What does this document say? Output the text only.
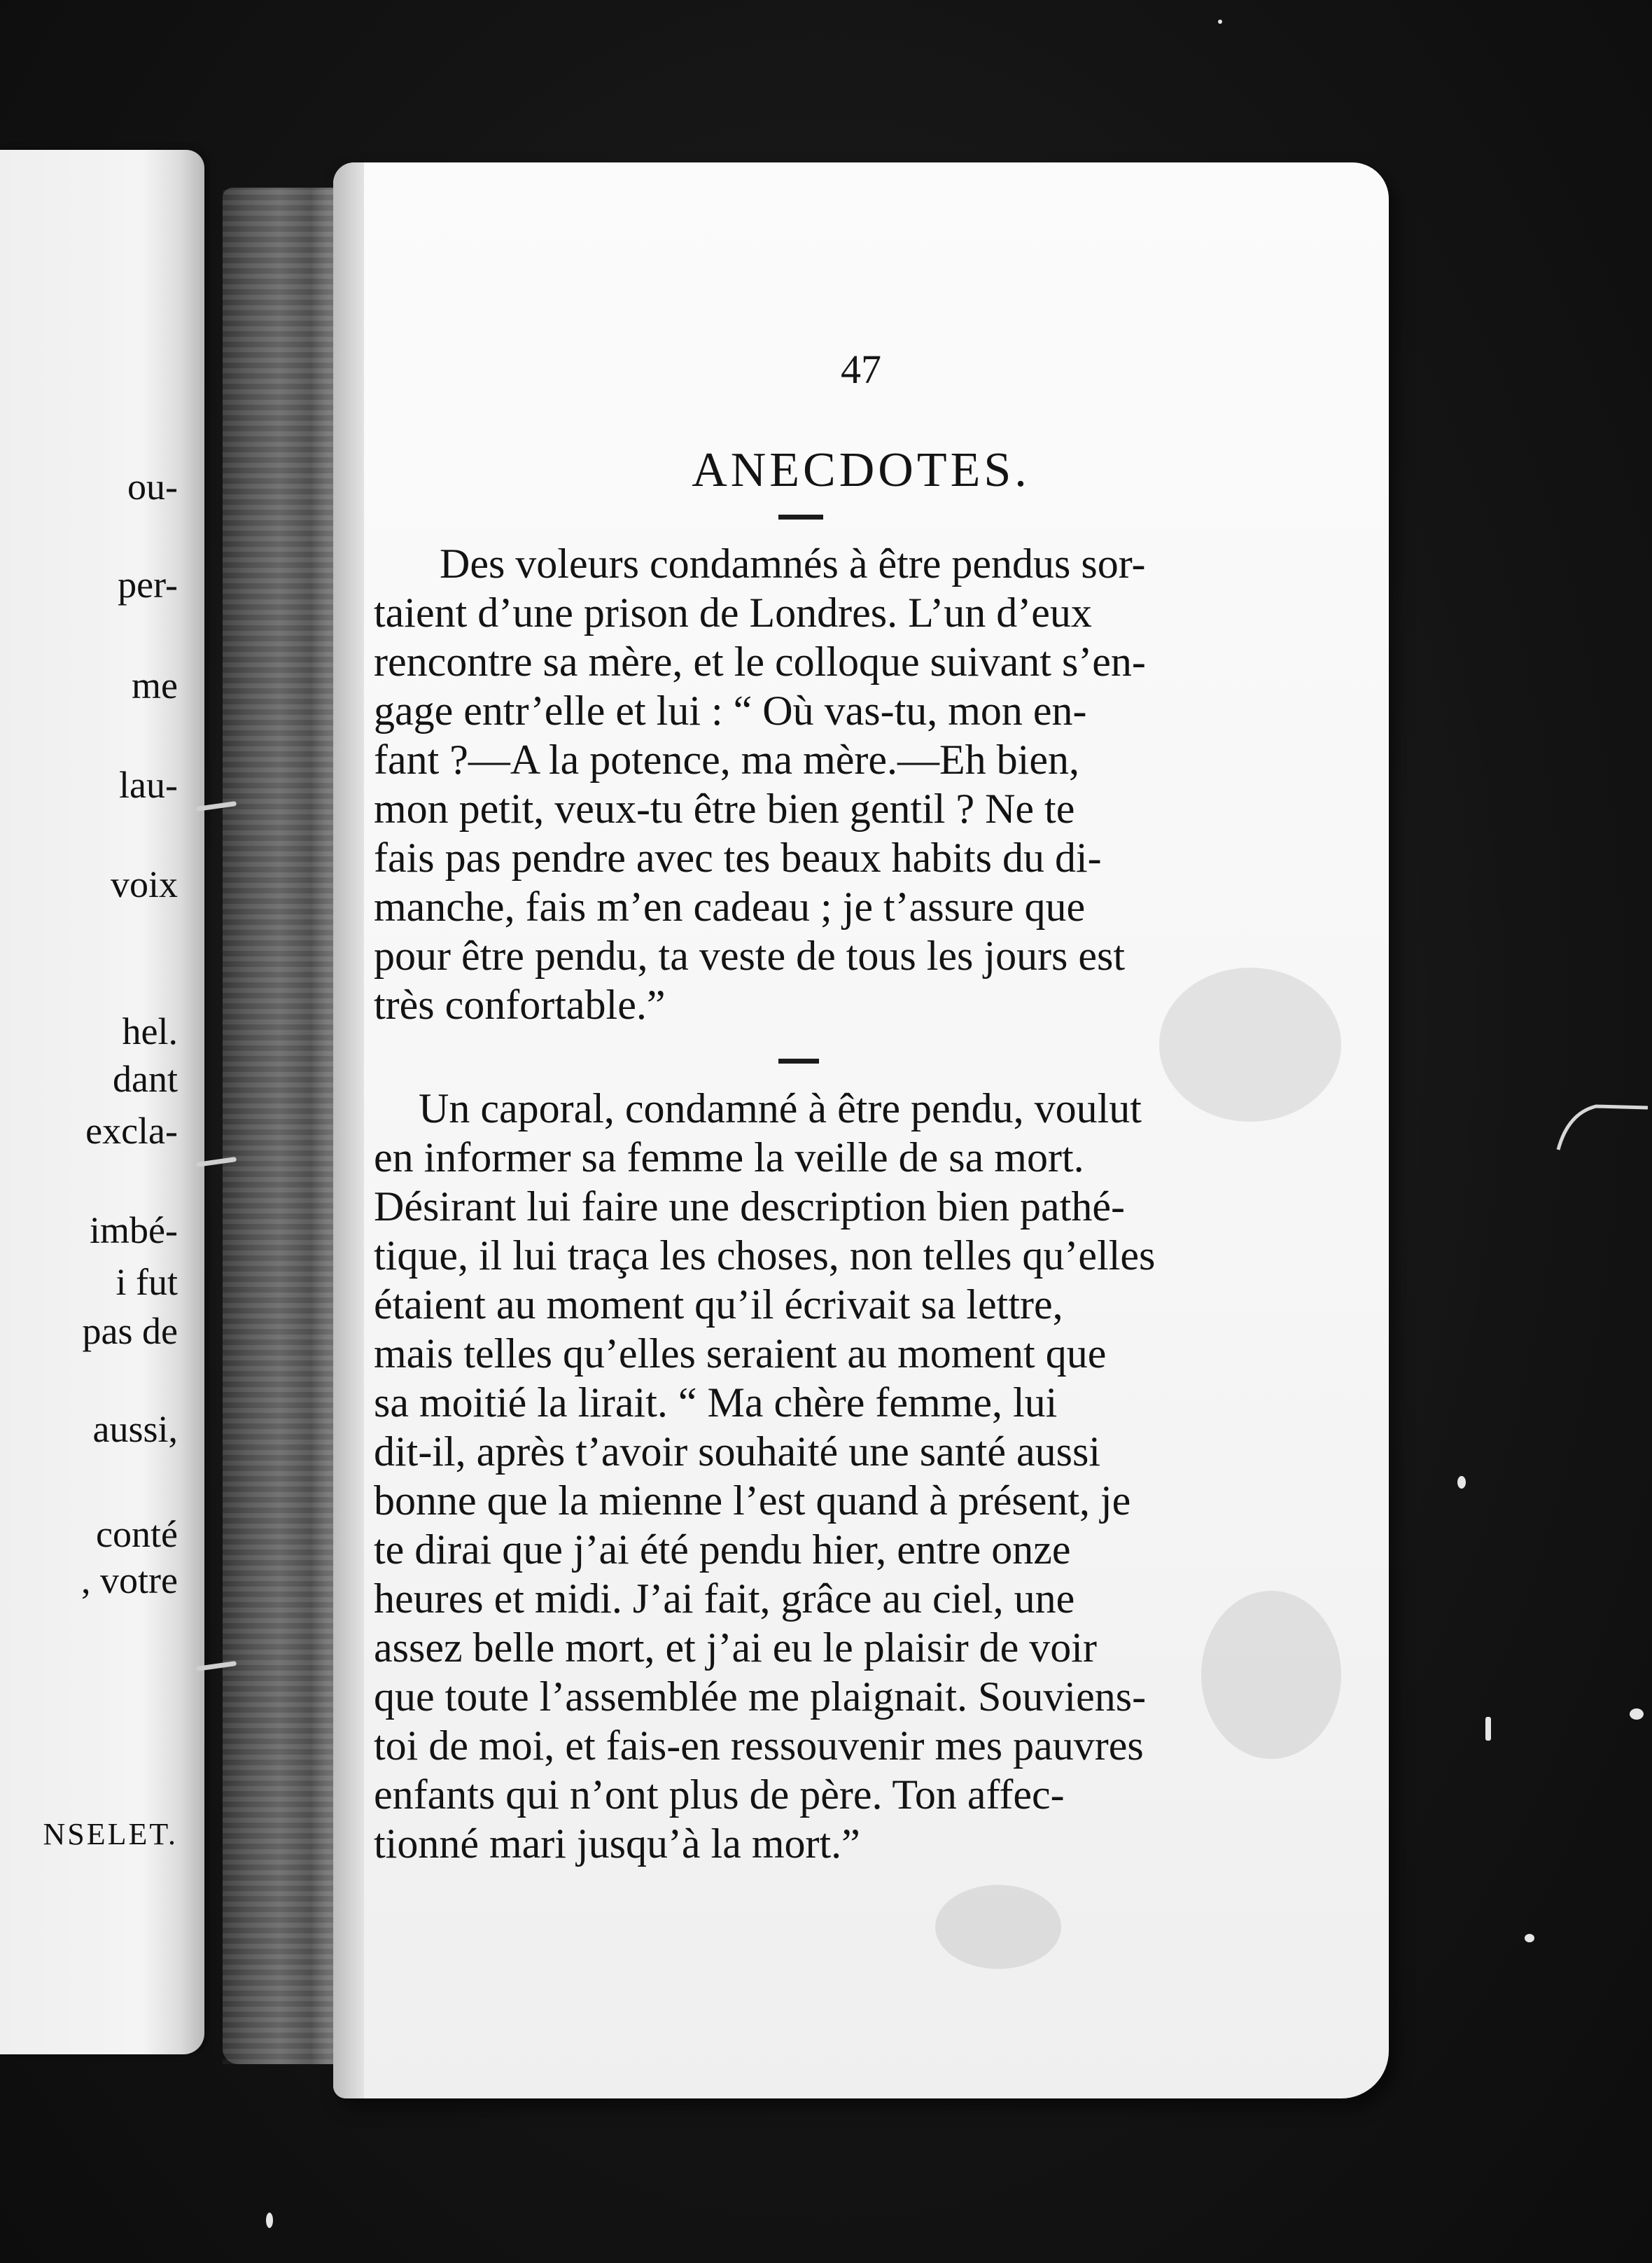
ou-
per-
me
lau-
voix
hel.
dant
excla-
imbé-
i fut
pas de
aussi,
conté
, votre
NSELET.
47
ANECDOTES.
Des voleurs condamnés à être pendus sor-
taient d’une prison de Londres. L’un d’eux
rencontre sa mère, et le colloque suivant s’en-
gage entr’elle et lui : “ Où vas-tu, mon en-
fant ?—A la potence, ma mère.—Eh bien,
mon petit, veux-tu être bien gentil ? Ne te
fais pas pendre avec tes beaux habits du di-
manche, fais m’en cadeau ; je t’assure que
pour être pendu, ta veste de tous les jours est
très confortable.”
Un caporal, condamné à être pendu, voulut
en informer sa femme la veille de sa mort.
Désirant lui faire une description bien pathé-
tique, il lui traça les choses, non telles qu’elles
étaient au moment qu’il écrivait sa lettre,
mais telles qu’elles seraient au moment que
sa moitié la lirait. “ Ma chère femme, lui
dit-il, après t’avoir souhaité une santé aussi
bonne que la mienne l’est quand à présent, je
te dirai que j’ai été pendu hier, entre onze
heures et midi. J’ai fait, grâce au ciel, une
assez belle mort, et j’ai eu le plaisir de voir
que toute l’assemblée me plaignait. Souviens-
toi de moi, et fais-en ressouvenir mes pauvres
enfants qui n’ont plus de père. Ton affec-
tionné mari jusqu’à la mort.”
